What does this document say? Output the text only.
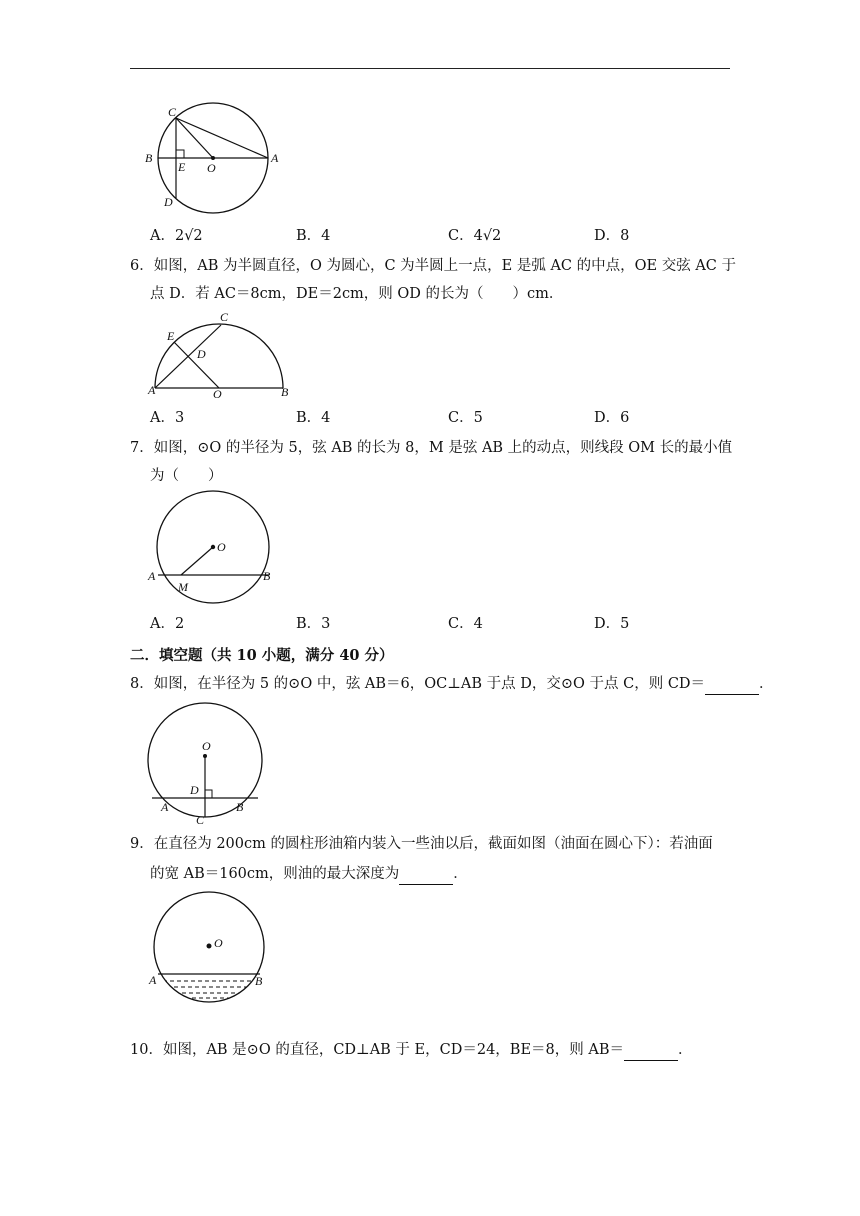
C
B
E O
A
D
A．2√2	B．4	C．4√2	D．8
6．如图，AB 为半圆直径，O 为圆心，C 为半圆上一点，E 是弧 AC 的中点，OE 交弦 AC 于
点 D．若 AC＝8cm，DE＝2cm，则 OD 的长为（　　）cm．
C
E
D
A	O	B
A．3	B．4	C．5	D．6
7．如图，⊙O 的半径为 5，弦 AB 的长为 8，M 是弦 AB 上的动点，则线段 OM 长的最小值
为（　　）
O
A
M
B
A．2	B．3	C．4	D．5
二．填空题（共 10 小题，满分 40 分）
8．如图，在半径为 5 的⊙O 中，弦 AB＝6，OC⊥AB 于点 D，交⊙O 于点 C，则 CD＝	．
O
D
A	B
C
9．在直径为 200cm 的圆柱形油箱内装入一些油以后，截面如图（油面在圆心下）：若油面
的宽 AB＝160cm，则油的最大深度为	．
O
A	B
10．如图，AB 是⊙O 的直径，CD⊥AB 于 E，CD＝24，BE＝8，则 AB＝	．
